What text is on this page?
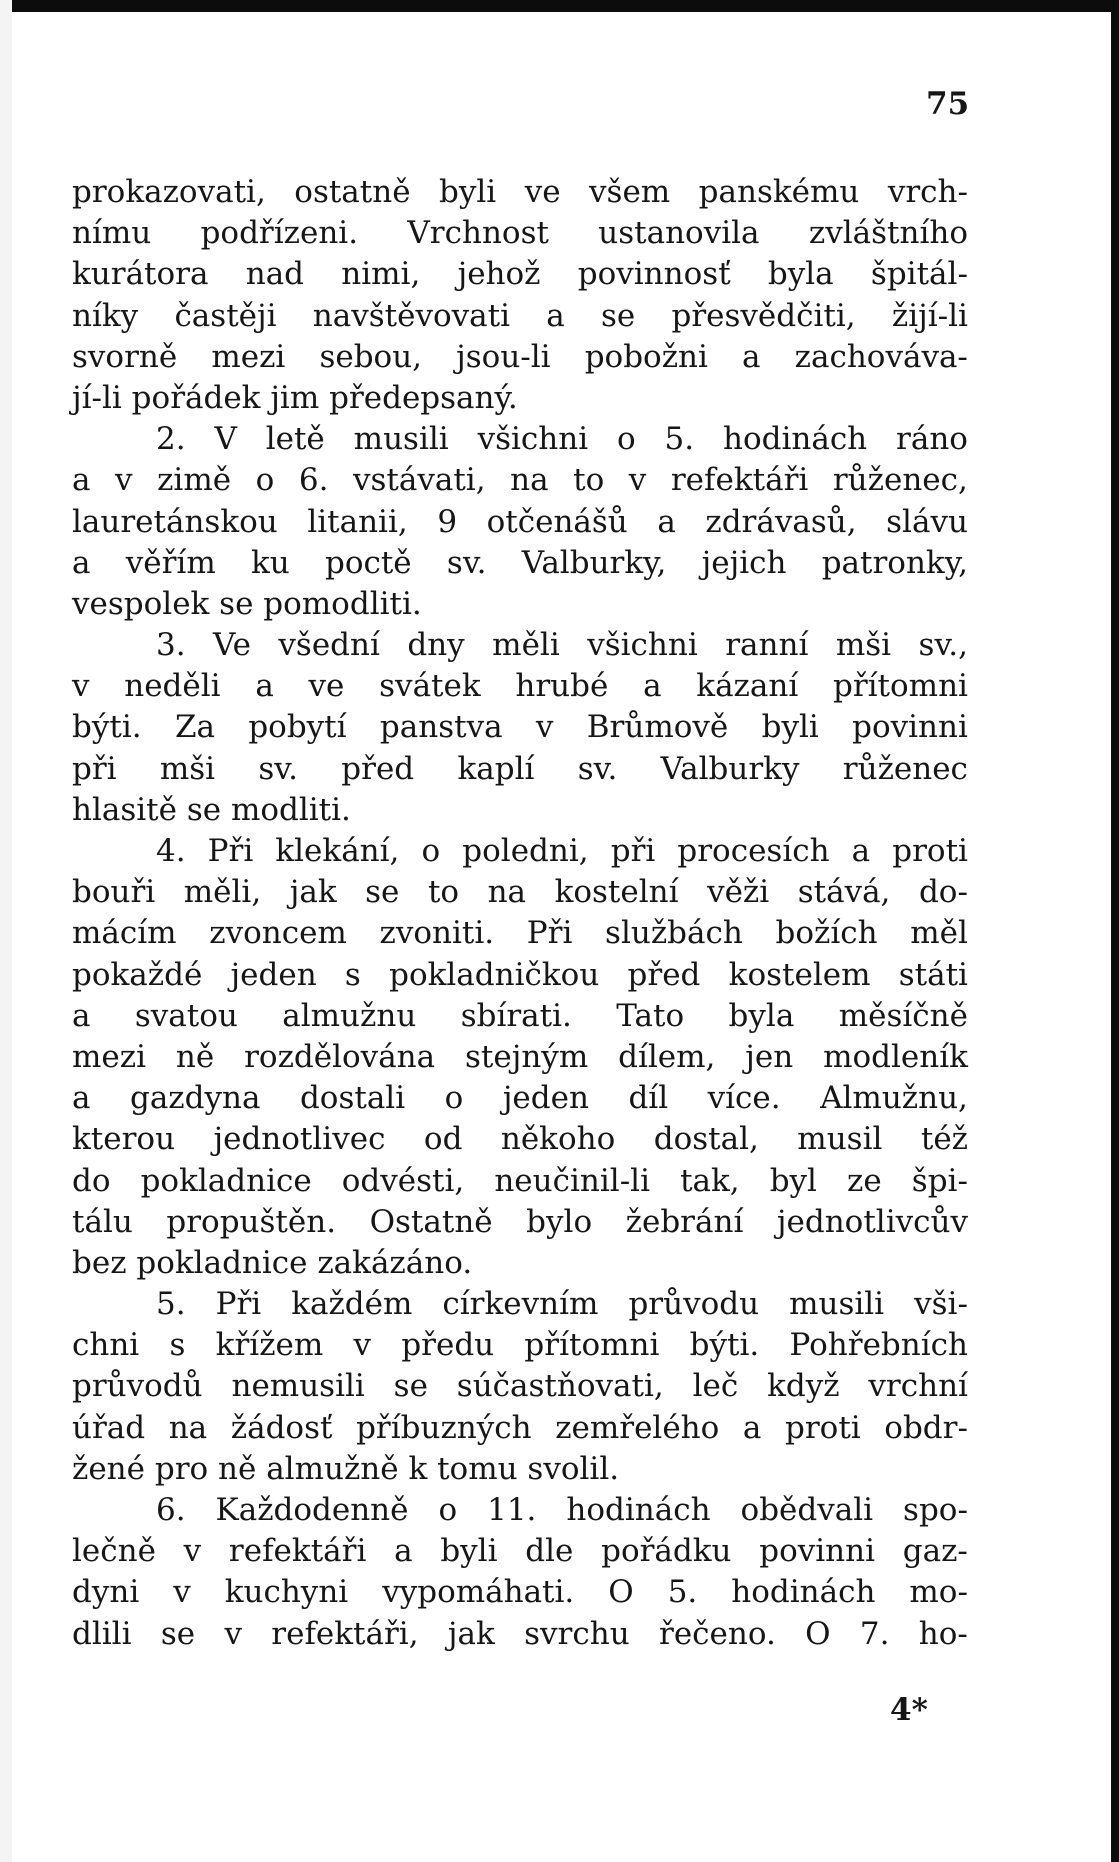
75
prokazovati, ostatně byli ve všem panskému vrch-
nímu podřízeni. Vrchnost ustanovila zvláštního
kurátora nad nimi, jehož povinnosť byla špitál-
níky častěji navštěvovati a se přesvědčiti, žijí-li
svorně mezi sebou, jsou-li pobožni a zachováva-
jí-li pořádek jim předepsaný.
2. V letě musili všichni o 5. hodinách ráno
a v zimě o 6. vstávati, na to v refektáři růženec,
lauretánskou litanii, 9 otčenášů a zdrávasů, slávu
a věřím ku poctě sv. Valburky, jejich patronky,
vespolek se pomodliti.
3. Ve všední dny měli všichni ranní mši sv.,
v neděli a ve svátek hrubé a kázaní přítomni
býti. Za pobytí panstva v Brůmově byli povinni
při mši sv. před kaplí sv. Valburky růženec
hlasitě se modliti.
4. Při klekání, o poledni, při procesích a proti
bouři měli, jak se to na kostelní věži stává, do-
mácím zvoncem zvoniti. Při službách božích měl
pokaždé jeden s pokladničkou před kostelem státi
a svatou almužnu sbírati. Tato byla měsíčně
mezi ně rozdělována stejným dílem, jen modleník
a gazdyna dostali o jeden díl více. Almužnu,
kterou jednotlivec od někoho dostal, musil též
do pokladnice odvésti, neučinil-li tak, byl ze špi-
tálu propuštěn. Ostatně bylo žebrání jednotlivcův
bez pokladnice zakázáno.
5. Při každém církevním průvodu musili vši-
chni s křížem v předu přítomni býti. Pohřebních
průvodů nemusili se súčastňovati, leč když vrchní
úřad na žádosť příbuzných zemřelého a proti obdr-
žené pro ně almužně k tomu svolil.
6. Každodenně o 11. hodinách obědvali spo-
lečně v refektáři a byli dle pořádku povinni gaz-
dyni v kuchyni vypomáhati. O 5. hodinách mo-
dlili se v refektáři, jak svrchu řečeno. O 7. ho-
4*
